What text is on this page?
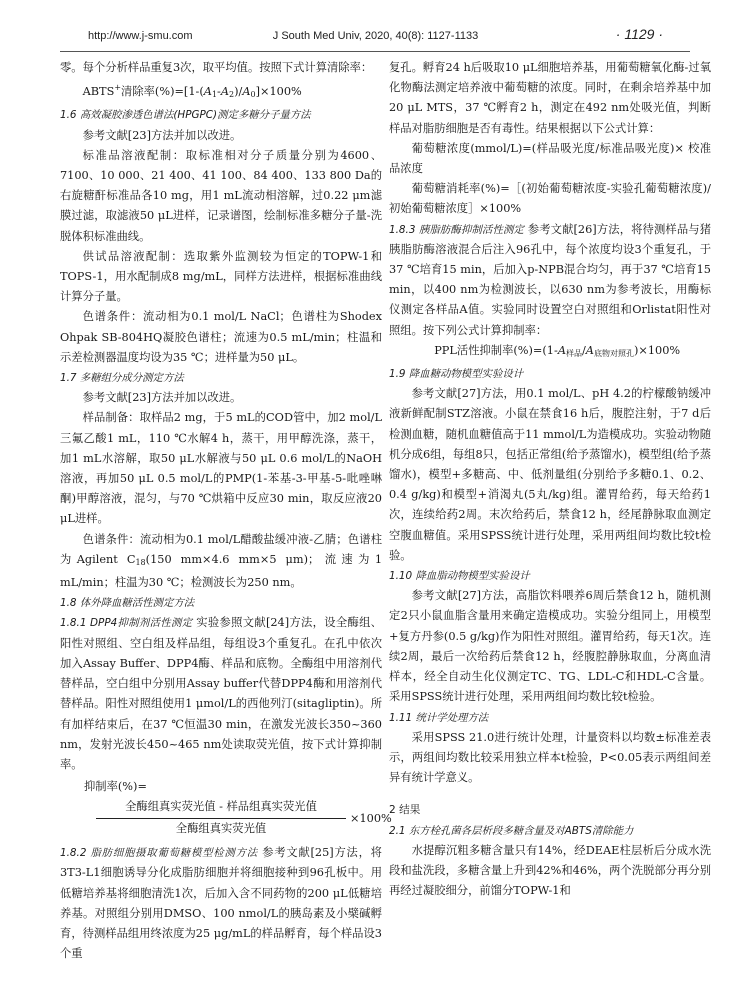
http://www.j-smu.com	J South Med Univ, 2020, 40(8): 1127-1133	· 1129 ·

零。每个分析样品重复3次，取平均值。按照下式计算清除率：

ABTS+清除率$(\%)=[1-(A_1-A_2)/A_0]\times 100\%$

1.6 高效凝胶渗透色谱法(HPGPC)测定多糖分子量方法

参考文献[23]方法并加以改进。

标准品溶液配制：取标准相对分子质量分别为4600、7100、10 000、21 400、41 100、84 400、133 800 Da的右旋糖酐标准品各10 mg，用1 mL流动相溶解，过0.22 μm滤膜过滤，取滤液50 μL进样，记录谱图，绘制标准多糖分子量-洗脱体积标准曲线。

供试品溶液配制：选取紫外监测较为恒定的TOPW-1和TOPS-1，用水配制成8 mg/mL，同样方法进样，根据标准曲线计算分子量。

色谱条件：流动相为0.1 mol/L NaCl；色谱柱为Shodex Ohpak SB-804HQ凝胶色谱柱；流速为0.5 mL/min；柱温和示差检测器温度均设为35 ℃；进样量为50 μL。

1.7 多糖组分成分测定方法

参考文献[23]方法并加以改进。

样品制备：取样品2 mg，于5 mL的COD管中，加2 mol/L三氟乙酸1 mL，110 ℃水解4 h，蒸干，用甲醇洗涤，蒸干，加1 mL水溶解，取50 μL水解液与50 μL 0.6 mol/L的NaOH溶液，再加50 μL 0.5 mol/L的PMP(1-苯基-3-甲基-5-吡唑啉酮)甲醇溶液，混匀，与70 ℃烘箱中反应30 min，取反应液20 μL进样。

色谱条件：流动相为0.1 mol/L醋酸盐缓冲液-乙腈；色谱柱为Agilent $C_{18}(150$ mm×4.6 mm×5 μm)；流速为1 mL/min；柱温为30 ℃；检测波长为250 nm。

1.8 体外降血糖活性测定方法

1.8.1 DPP4抑制剂活性测定 实验参照文献[24]方法，设全酶组、阳性对照组、空白组及样品组，每组设3个重复孔。在孔中依次加入Assay Buffer、DPP4酶、样品和底物。全酶组中用溶剂代替样品，空白组中分别用Assay buffer代替DPP4酶和用溶剂代替样品。阳性对照组使用1 μmol/L的西他列汀(sitagliptin)。所有加样结束后，在37 ℃恒温30 min，在激发光波长350~360 nm，发射光波长450~465 nm处读取荧光值，按下式计算抑制率。

抑制率(%)=
全酶组真实荧光值 - 样品组真实荧光值
全酶组真实荧光值
×100%

1.8.2 脂肪细胞摄取葡萄糖模型检测方法 参考文献[25]方法，将3T3-L1细胞诱导分化成脂肪细胞并将细胞接种到96孔板中。用低糖培养基将细胞清洗1次，后加入含不同药物的200 μL低糖培养基。对照组分别用DMSO、100 nmol/L的胰岛素及小檗碱孵育，待测样品组用终浓度为25 μg/mL的样品孵育，每个样品设3个重

复孔。孵育24 h后吸取10 μL细胞培养基，用葡萄糖氧化酶-过氧化物酶法测定培养液中葡萄糖的浓度。同时，在剩余培养基中加20 μL MTS，37 ℃孵育2 h，测定在492 nm处吸光值，判断样品对脂肪细胞是否有毒性。结果根据以下公式计算：

葡萄糖浓度(mmol/L)=(样品吸光度/标准品吸光度)× 校准品浓度

葡萄糖消耗率(%)=［(初始葡萄糖浓度-实验孔葡萄糖浓度)/初始葡萄糖浓度］×100%

1.8.3 胰脂肪酶抑制活性测定 参考文献[26]方法，将待测样品与猪胰脂肪酶溶液混合后注入96孔中，每个浓度均设3个重复孔，于37 ℃培育15 min，后加入p-NPB混合均匀，再于37 ℃培育15 min，以400 nm为检测波长，以630 nm为参考波长，用酶标仪测定各样品A值。实验同时设置空白对照组和Orlistat阳性对照组。按下列公式计算抑制率：

PPL活性抑制率$(\%)=(1-A_{样品}/A_{底物对照孔})\times 100\%$

1.9 降血糖动物模型实验设计

参考文献[27]方法，用0.1 mol/L、pH 4.2的柠檬酸钠缓冲液新鲜配制STZ溶液。小鼠在禁食16 h后，腹腔注射，于7 d后检测血糖，随机血糖值高于11 mmol/L为造模成功。实验动物随机分成6组，每组8只，包括正常组(给予蒸馏水)，模型组(给予蒸馏水)，模型+多糖高、中、低剂量组(分别给予多糖0.1、0.2、0.4 g/kg)和模型+消渴丸(5丸/kg)组。灌胃给药，每天给药1次，连续给药2周。末次给药后，禁食12 h，经尾静脉取血测定空腹血糖值。采用SPSS统计进行处理，采用两组间均数比较t检验。

1.10 降血脂动物模型实验设计

参考文献[27]方法，高脂饮料喂养6周后禁食12 h，随机测定2只小鼠血脂含量用来确定造模成功。实验分组同上，用模型+复方丹参(0.5 g/kg)作为阳性对照组。灌胃给药，每天1次。连续2周，最后一次给药后禁食12 h，经腹腔静脉取血，分离血清样本，经全自动生化仪测定TC、TG、LDL-C和HDL-C含量。采用SPSS统计进行处理，采用两组间均数比较t检验。

1.11 统计学处理方法

采用SPSS 21.0进行统计处理，计量资料以均数±标准差表示，两组间均数比较采用独立样本t检验，P<0.05表示两组间差异有统计学意义。

2 结果

2.1 东方栓孔菌各层析段多糖含量及对ABTS清除能力

水提醇沉粗多糖含量只有14%，经DEAE柱层析后分成水洗段和盐洗段，多糖含量上升到42%和46%，两个洗脱部分再分别再经过凝胶细分，前馏分TOPW-1和
